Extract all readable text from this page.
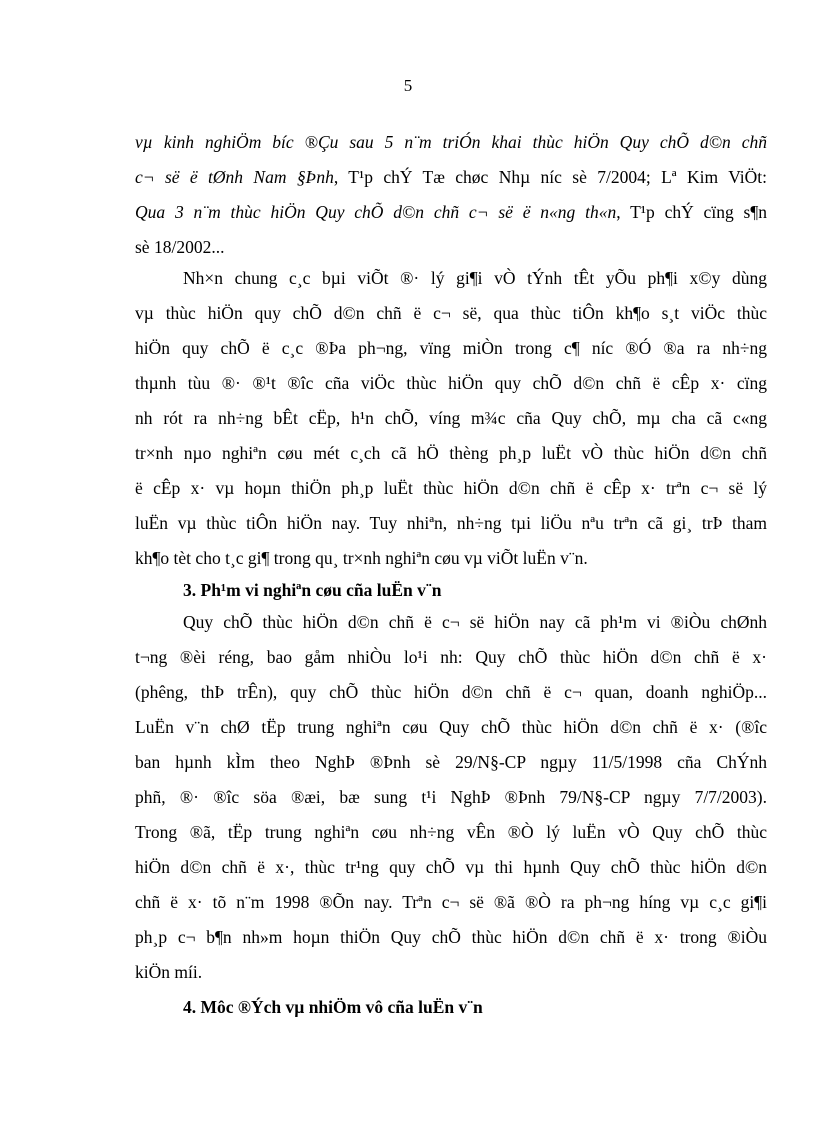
5
vµ kinh nghiÖm bíc ®Çu sau 5 n¨m triÓn khai thùc hiÖn Quy chÕ d©n chñ
c¬ së ë tØnh Nam §Þnh, T¹p chÝ Tæ chøc Nhµ níc sè 7/2004; Lª Kim ViÖt:
Qua 3 n¨m thùc hiÖn Quy chÕ d©n chñ c¬ së ë n«ng th«n, T¹p chÝ cïng s¶n
sè 18/2002...
Nh×n chung c¸c bµi viÕt ®· lý gi¶i vÒ tÝnh tÊt yÕu ph¶i x©y dùng
vµ thùc hiÖn quy chÕ d©n chñ ë c¬ së, qua thùc tiÔn kh¶o s¸t viÖc thùc
hiÖn quy chÕ ë c¸c ®Þa ph¬ng, vïng miÒn trong c¶ níc ®Ó ®a ra nh÷ng
thµnh tùu ®· ®¹t ®îc cña viÖc thùc hiÖn quy chÕ d©n chñ ë cÊp x· cïng
nh rót ra nh÷ng bÊt cËp, h¹n chÕ, víng m¾c cña Quy chÕ, mµ cha cã c«ng
tr×nh nµo nghiªn cøu mét c¸ch cã hÖ thèng ph¸p luËt vÒ thùc hiÖn d©n chñ
ë cÊp x· vµ hoµn thiÖn ph¸p luËt thùc hiÖn d©n chñ ë cÊp x· trªn c¬ së lý
luËn vµ thùc tiÔn hiÖn nay. Tuy nhiªn, nh÷ng tµi liÖu nªu trªn cã gi¸ trÞ tham
kh¶o tèt cho t¸c gi¶ trong qu¸ tr×nh nghiªn cøu vµ viÕt luËn v¨n.
3. Ph¹m vi nghiªn cøu cña luËn v¨n
Quy chÕ thùc hiÖn d©n chñ ë c¬ së hiÖn nay cã ph¹m vi ®iÒu chØnh
t¬ng ®èi réng, bao gåm nhiÒu lo¹i nh: Quy chÕ thùc hiÖn d©n chñ ë x·
(phêng, thÞ trÊn), quy chÕ thùc hiÖn d©n chñ ë c¬ quan, doanh nghiÖp...
LuËn v¨n chØ tËp trung nghiªn cøu Quy chÕ thùc hiÖn d©n chñ ë x· (®îc
ban hµnh kÌm theo NghÞ ®Þnh sè 29/N§-CP ngµy 11/5/1998 cña ChÝnh
phñ, ®· ®îc söa ®æi, bæ sung t¹i NghÞ ®Þnh 79/N§-CP ngµy 7/7/2003).
Trong ®ã, tËp trung nghiªn cøu nh÷ng vÊn ®Ò lý luËn vÒ Quy chÕ thùc
hiÖn d©n chñ ë x·, thùc tr¹ng quy chÕ vµ thi hµnh Quy chÕ thùc hiÖn d©n
chñ ë x· tõ n¨m 1998 ®Õn nay. Trªn c¬ së ®ã ®Ò ra ph¬ng híng vµ c¸c gi¶i
ph¸p c¬ b¶n nh»m hoµn thiÖn Quy chÕ thùc hiÖn d©n chñ ë x· trong ®iÒu
kiÖn míi.
4. Môc ®Ých vµ nhiÖm vô cña luËn v¨n
